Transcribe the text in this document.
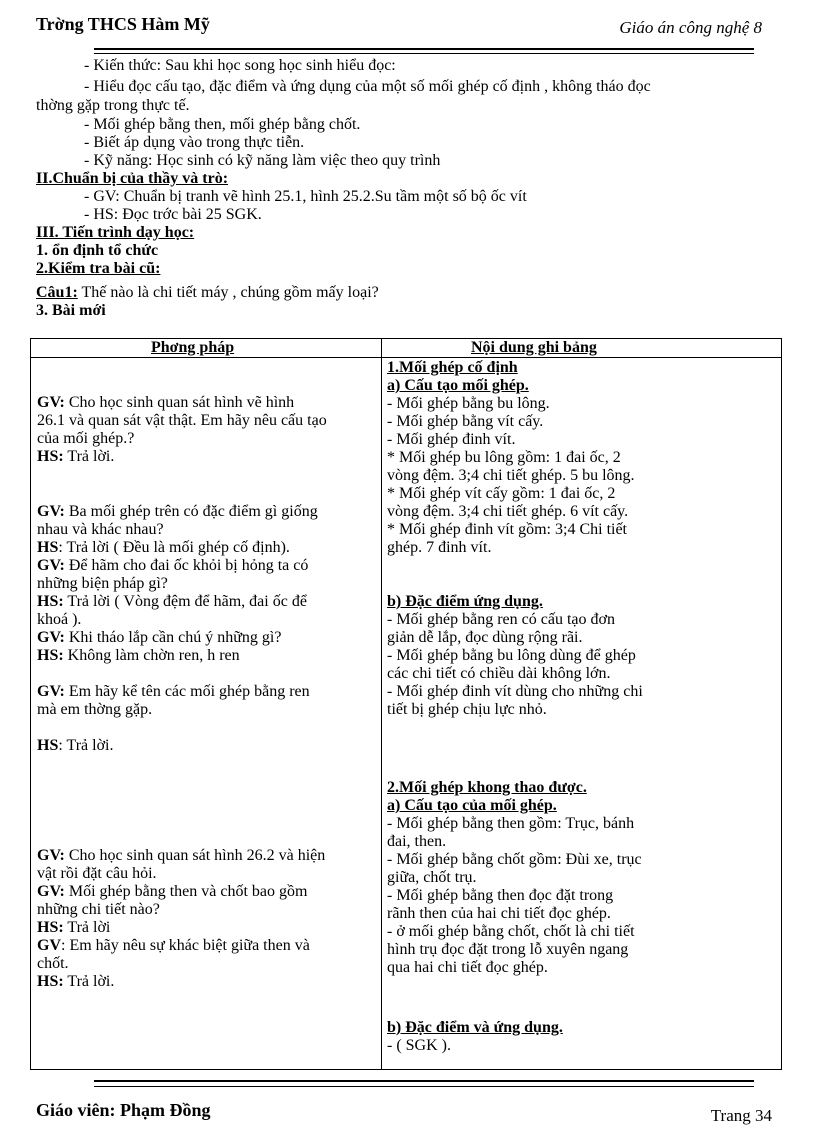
Trờng THCS Hàm Mỹ	Giáo án công nghệ 8
- Kiến thức: Sau khi học song học sinh hiểu đọc:
- Hiểu đọc cấu tạo, đặc điểm và ứng dụng của một số mối ghép cố định , không tháo đọc
thờng gặp trong thực tế.
- Mối ghép bằng then, mối ghép bằng chốt.
- Biết áp dụng vào trong thực tiễn.
- Kỹ năng: Học sinh có kỹ năng làm việc theo quy trình
II.Chuẩn bị của thầy và trò:
- GV: Chuẩn bị tranh vẽ hình 25.1, hình 25.2.Su tầm một số bộ ốc vít
- HS: Đọc trớc bài 25 SGK.
III. Tiến trình dạy học:
1. ổn định tổ chức
2.Kiểm tra bài cũ:
Câu1: Thế nào là chi tiết máy , chúng gồm mấy loại?
3. Bài mới
Phơng pháp	Nội dung ghi bảng
GV: Cho học sinh quan sát hình vẽ hình
26.1 và quan sát vật thật. Em hãy nêu cấu tạo
của mối ghép.?
HS: Trả lời.
GV: Ba mối ghép trên có đặc điểm gì giống
nhau và khác nhau?
HS: Trả lời ( Đều là mối ghép cố định).
GV: Để hãm cho đai ốc khỏi bị hỏng ta có
những biện pháp gì?
HS: Trả lời ( Vòng đệm để hãm, đai ốc để
khoá ).
GV: Khi tháo lắp cần chú ý những gì?
HS: Không làm chờn ren, h ren
GV: Em hãy kể tên các mối ghép bằng ren
mà em thờng gặp.
HS: Trả lời.
GV: Cho học sinh quan sát hình 26.2 và hiện
vật rồi đặt câu hỏi.
GV: Mối ghép bằng then và chốt bao gồm
những chi tiết nào?
HS: Trả lời
GV: Em hãy nêu sự khác biệt giữa then và
chốt.
HS: Trả lời.
1.Mối ghép cố định
a) Cấu tạo mối ghép.
- Mối ghép bằng bu lông.
- Mối ghép bằng vít cấy.
- Mối ghép đinh vít.
* Mối ghép bu lông gồm: 1 đai ốc, 2
vòng đệm. 3;4 chi tiết ghép. 5 bu lông.
* Mối ghép vít cấy gồm: 1 đai ốc, 2
vòng đệm. 3;4 chi tiết ghép. 6 vít cấy.
* Mối ghép đinh vít gồm: 3;4 Chi tiết
ghép. 7 đinh vít.
b) Đặc điểm ứng dụng.
- Mối ghép bằng ren có cấu tạo đơn
giản dễ lắp, đọc dùng rộng rãi.
- Mối ghép bằng bu lông dùng để ghép
các chi tiết có chiều dài không lớn.
- Mối ghép đinh vít dùng cho những chi
tiết bị ghép chịu lực nhỏ.
2.Mối ghép khong thao được.
a) Cấu tạo của mối ghép.
- Mối ghép bằng then gồm: Trục, bánh
đai, then.
- Mối ghép bằng chốt gồm: Đùi xe, trục
giữa, chốt trụ.
- Mối ghép bằng then đọc đặt trong
rãnh then của hai chi tiết đọc ghép.
- ở mối ghép bằng chốt, chốt là chi tiết
hình trụ đọc đặt trong lỗ xuyên ngang
qua hai chi tiết đọc ghép.
b) Đặc điểm và ứng dụng.
- ( SGK ).
Giáo viên: Phạm Đồng	Trang 34
